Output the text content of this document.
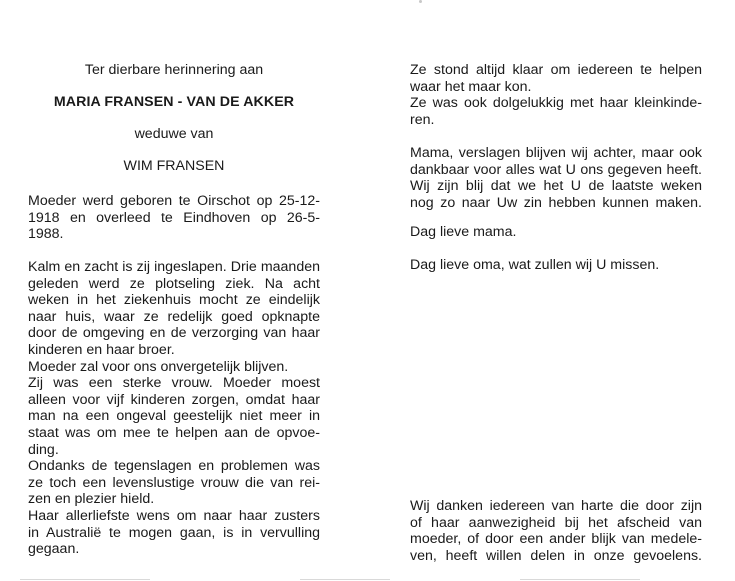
Ter dierbare herinnering aan
MARIA FRANSEN - VAN DE AKKER
weduwe van
WIM FRANSEN
Moeder werd geboren te Oirschot op 25-12-
1918 en overleed te Eindhoven op 26-5-
1988.
Kalm en zacht is zij ingeslapen. Drie maanden
geleden werd ze plotseling ziek. Na acht
weken in het ziekenhuis mocht ze eindelijk
naar huis, waar ze redelijk goed opknapte
door de omgeving en de verzorging van haar
kinderen en haar broer.
Moeder zal voor ons onvergetelijk blijven.
Zij was een sterke vrouw. Moeder moest
alleen voor vijf kinderen zorgen, omdat haar
man na een ongeval geestelijk niet meer in
staat was om mee te helpen aan de opvoe-
ding.
Ondanks de tegenslagen en problemen was
ze toch een levenslustige vrouw die van rei-
zen en plezier hield.
Haar allerliefste wens om naar haar zusters
in Australië te mogen gaan, is in vervulling
gegaan.
Ze stond altijd klaar om iedereen te helpen
waar het maar kon.
Ze was ook dolgelukkig met haar kleinkinde-
ren.
Mama, verslagen blijven wij achter, maar ook
dankbaar voor alles wat U ons gegeven heeft.
Wij zijn blij dat we het U de laatste weken
nog zo naar Uw zin hebben kunnen maken.
Dag lieve mama.
Dag lieve oma, wat zullen wij U missen.
Wij danken iedereen van harte die door zijn
of haar aanwezigheid bij het afscheid van
moeder, of door een ander blijk van medele-
ven, heeft willen delen in onze gevoelens.
